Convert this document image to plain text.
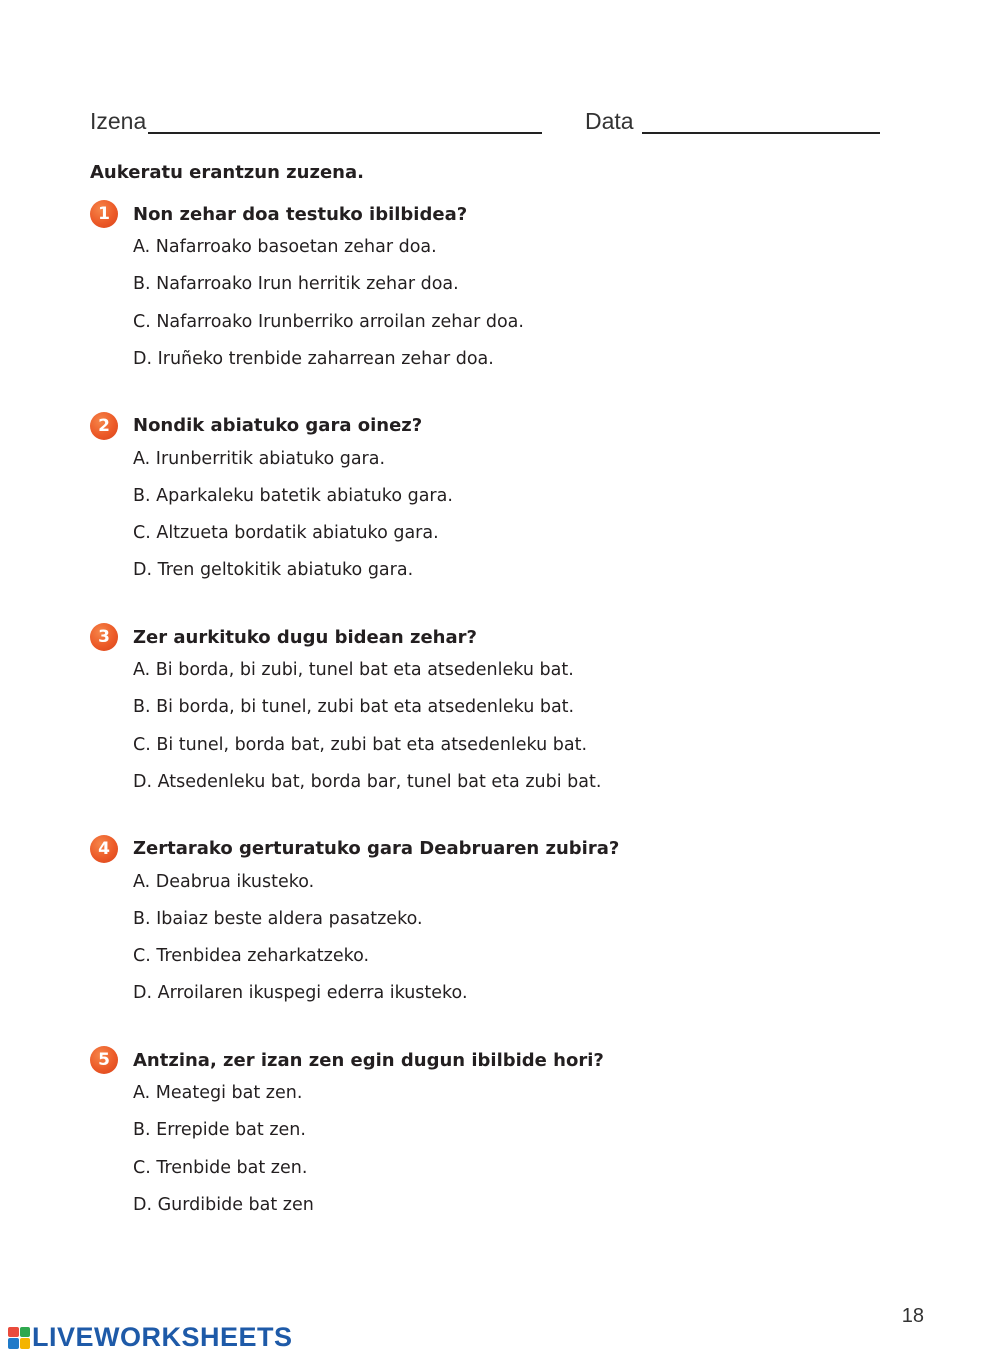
Izena	Data
Aukeratu erantzun zuzena.
1	Non zehar doa testuko ibilbidea?
A. Nafarroako basoetan zehar doa.
B. Nafarroako Irun herritik zehar doa.
C. Nafarroako Irunberriko arroilan zehar doa.
D. Iruñeko trenbide zaharrean zehar doa.
2	Nondik abiatuko gara oinez?
A. Irunberritik abiatuko gara.
B. Aparkaleku batetik abiatuko gara.
C. Altzueta bordatik abiatuko gara.
D. Tren geltokitik abiatuko gara.
3	Zer aurkituko dugu bidean zehar?
A. Bi borda, bi zubi, tunel bat eta atsedenleku bat.
B. Bi borda, bi tunel, zubi bat eta atsedenleku bat.
C. Bi tunel, borda bat, zubi bat eta atsedenleku bat.
D. Atsedenleku bat, borda bar, tunel bat eta zubi bat.
4	Zertarako gerturatuko gara Deabruaren zubira?
A. Deabrua ikusteko.
B. Ibaiaz beste aldera pasatzeko.
C. Trenbidea zeharkatzeko.
D. Arroilaren ikuspegi ederra ikusteko.
5	Antzina, zer izan zen egin dugun ibilbide hori?
A. Meategi bat zen.
B. Errepide bat zen.
C. Trenbide bat zen.
D. Gurdibide bat zen
18
LIVEWORKSHEETS
